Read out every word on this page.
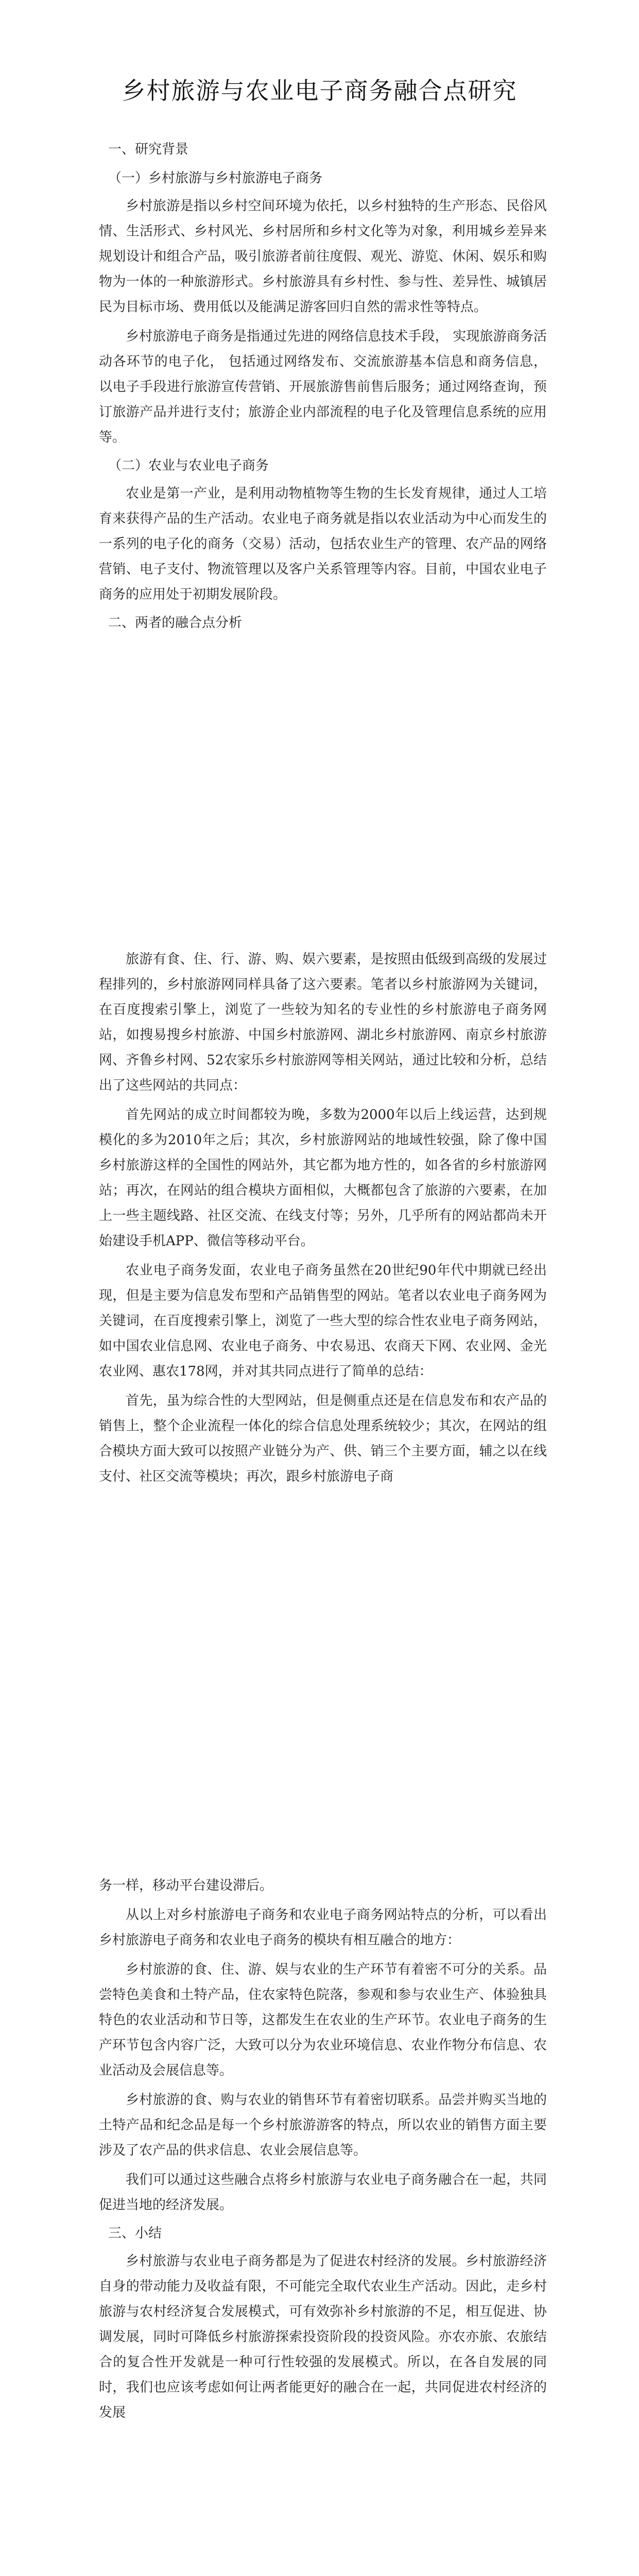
乡村旅游与农业电子商务融合点研究

一、研究背景

（一）乡村旅游与乡村旅游电子商务

乡村旅游是指以乡村空间环境为依托，以乡村独特的生产形态、民俗风情、生活形式、乡村风光、乡村居所和乡村文化等为对象，利用城乡差异来规划设计和组合产品，吸引旅游者前往度假、观光、游览、休闲、娱乐和购物为一体的一种旅游形式。乡村旅游具有乡村性、参与性、差异性、城镇居民为目标市场、费用低以及能满足游客回归自然的需求性等特点。

乡村旅游电子商务是指通过先进的网络信息技术手段， 实现旅游商务活动各环节的电子化， 包括通过网络发布、交流旅游基本信息和商务信息， 以电子手段进行旅游宣传营销、开展旅游售前售后服务；通过网络查询，预订旅游产品并进行支付；旅游企业内部流程的电子化及管理信息系统的应用等。

（二）农业与农业电子商务

农业是第一产业，是利用动物植物等生物的生长发育规律，通过人工培育来获得产品的生产活动。农业电子商务就是指以农业活动为中心而发生的一系列的电子化的商务（交易）活动，包括农业生产的管理、农产品的网络营销、电子支付、物流管理以及客户关系管理等内容。目前，中国农业电子商务的应用处于初期发展阶段。

二、两者的融合点分析

旅游有食、住、行、游、购、娱六要素，是按照由低级到高级的发展过程排列的，乡村旅游网同样具备了这六要素。笔者以乡村旅游网为关键词，在百度搜索引擎上，浏览了一些较为知名的专业性的乡村旅游电子商务网站，如搜易搜乡村旅游、中国乡村旅游网、湖北乡村旅游网、南京乡村旅游网、齐鲁乡村网、52农家乐乡村旅游网等相关网站，通过比较和分析，总结出了这些网站的共同点：

首先网站的成立时间都较为晚，多数为2000年以后上线运营，达到规模化的多为2010年之后；其次，乡村旅游网站的地域性较强，除了像中国乡村旅游这样的全国性的网站外，其它都为地方性的，如各省的乡村旅游网站；再次，在网站的组合模块方面相似，大概都包含了旅游的六要素，在加上一些主题线路、社区交流、在线支付等；另外，几乎所有的网站都尚未开始建设手机APP、微信等移动平台。

农业电子商务发面，农业电子商务虽然在20世纪90年代中期就已经出现，但是主要为信息发布型和产品销售型的网站。笔者以农业电子商务网为关键词，在百度搜索引擎上，浏览了一些大型的综合性农业电子商务网站，如中国农业信息网、农业电子商务、中农易迅、农商天下网、农业网、金光农业网、惠农178网，并对其共同点进行了简单的总结：

首先，虽为综合性的大型网站，但是侧重点还是在信息发布和农产品的销售上，整个企业流程一体化的综合信息处理系统较少；其次，在网站的组合模块方面大致可以按照产业链分为产、供、销三个主要方面，辅之以在线支付、社区交流等模块；再次，跟乡村旅游电子商

务一样，移动平台建设滞后。

从以上对乡村旅游电子商务和农业电子商务网站特点的分析，可以看出乡村旅游电子商务和农业电子商务的模块有相互融合的地方：

乡村旅游的食、住、游、娱与农业的生产环节有着密不可分的关系。品尝特色美食和土特产品，住农家特色院落，参观和参与农业生产、体验独具特色的农业活动和节日等，这都发生在农业的生产环节。农业电子商务的生产环节包含内容广泛，大致可以分为农业环境信息、农业作物分布信息、农业活动及会展信息等。

乡村旅游的食、购与农业的销售环节有着密切联系。品尝并购买当地的土特产品和纪念品是每一个乡村旅游游客的特点，所以农业的销售方面主要涉及了农产品的供求信息、农业会展信息等。

我们可以通过这些融合点将乡村旅游与农业电子商务融合在一起，共同促进当地的经济发展。

三、小结

乡村旅游与农业电子商务都是为了促进农村经济的发展。乡村旅游经济自身的带动能力及收益有限，不可能完全取代农业生产活动。因此，走乡村旅游与农村经济复合发展模式，可有效弥补乡村旅游的不足，相互促进、协调发展，同时可降低乡村旅游探索投资阶段的投资风险。亦农亦旅、农旅结合的复合性开发就是一种可行性较强的发展模式。所以，在各自发展的同时，我们也应该考虑如何让两者能更好的融合在一起，共同促进农村经济的发展
